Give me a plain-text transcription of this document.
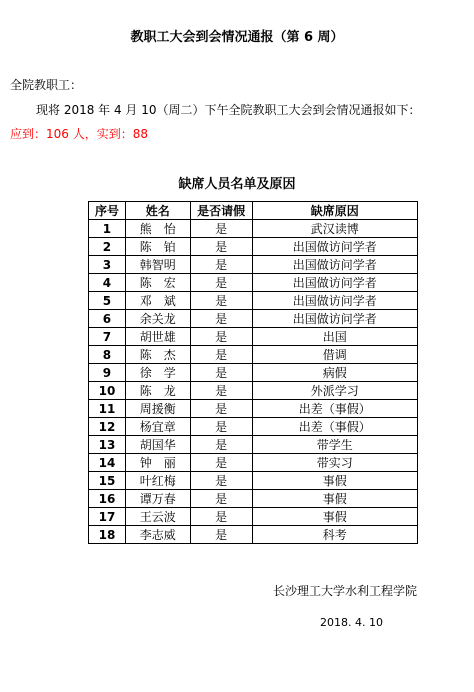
教职工大会到会情况通报（第 6 周）
全院教职工：
现将 2018 年 4 月 10（周二）下午全院教职工大会到会情况通报如下：
应到：106 人，实到：88
缺席人员名单及原因
序号	姓名	是否请假	缺席原因
1	熊　怡	是	武汉读博
2	陈　铂	是	出国做访问学者
3	韩智明	是	出国做访问学者
4	陈　宏	是	出国做访问学者
5	邓　斌	是	出国做访问学者
6	余关龙	是	出国做访问学者
7	胡世雄	是	出国
8	陈　杰	是	借调
9	徐　学	是	病假
10	陈　龙	是	外派学习
11	周援衡	是	出差（事假）
12	杨宜章	是	出差（事假）
13	胡国华	是	带学生
14	钟　丽	是	带实习
15	叶红梅	是	事假
16	谭万春	是	事假
17	王云波	是	事假
18	李志威	是	科考
长沙理工大学水利工程学院
2018. 4. 10
